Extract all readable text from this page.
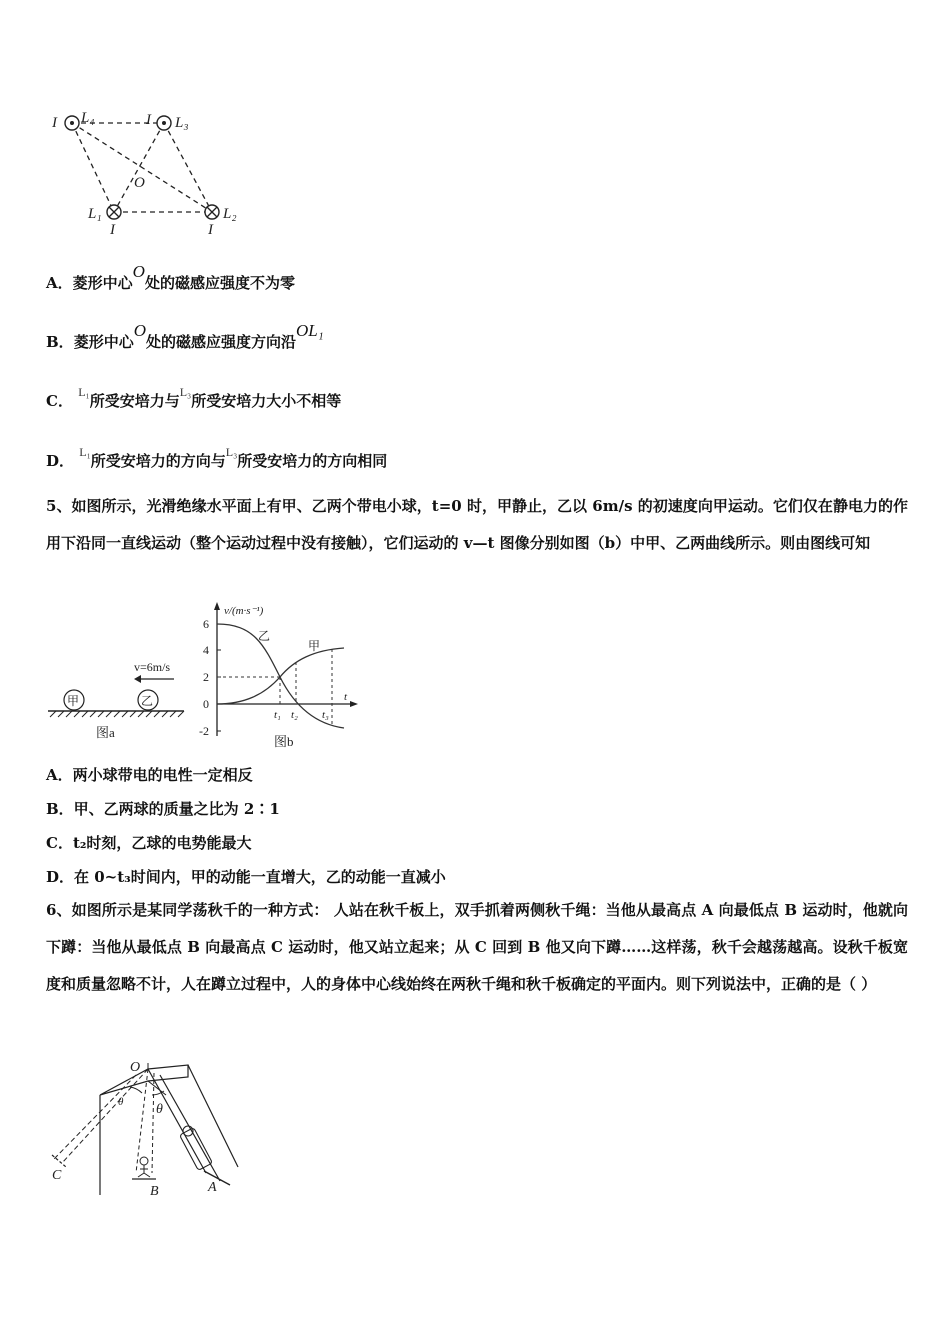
I L₄	I L₃
O
L₁	L₂
I	I
A．菱形中心O处的磁感应强度不为零
B．菱形中心O处的磁感应强度方向沿OL₁
C． $^{L_1}$所受安培力与$^{L_3}$所受安培力大小不相等
D． $^{L_1}$所受安培力的方向与$^{L_3}$所受安培力的方向相同
5、如图所示，光滑绝缘水平面上有甲、乙两个带电小球，t=0 时，甲静止，乙以 6m/s 的初速度向甲运动。它们仅在静电力的作用下沿同一直线运动（整个运动过程中没有接触），它们运动的 v—t 图像分别如图（b）中甲、乙两曲线所示。则由图线可知
甲	乙
v=6m/s
图a
v/(m·s⁻¹)
6
4
2
0
-2
t₁ t₂ t₃
t
乙
甲
图b
A．两小球带电的电性一定相反
B．甲、乙两球的质量之比为 2∶1
C．t₂时刻，乙球的电势能最大
D．在 0~t₃时间内，甲的动能一直增大，乙的动能一直减小
6、如图所示是某同学荡秋千的一种方式： 人站在秋千板上，双手抓着两侧秋千绳：当他从最高点 A 向最低点 B 运动时，他就向下蹲：当他从最低点 B 向最高点 C 运动时，他又站立起来；从 C 回到 B 他又向下蹲……这样荡，秋千会越荡越高。设秋千板宽度和质量忽略不计，人在蹲立过程中，人的身体中心线始终在两秋千绳和秋千板确定的平面内。则下列说法中，正确的是（ ）
O
θ θ
A
B
C
